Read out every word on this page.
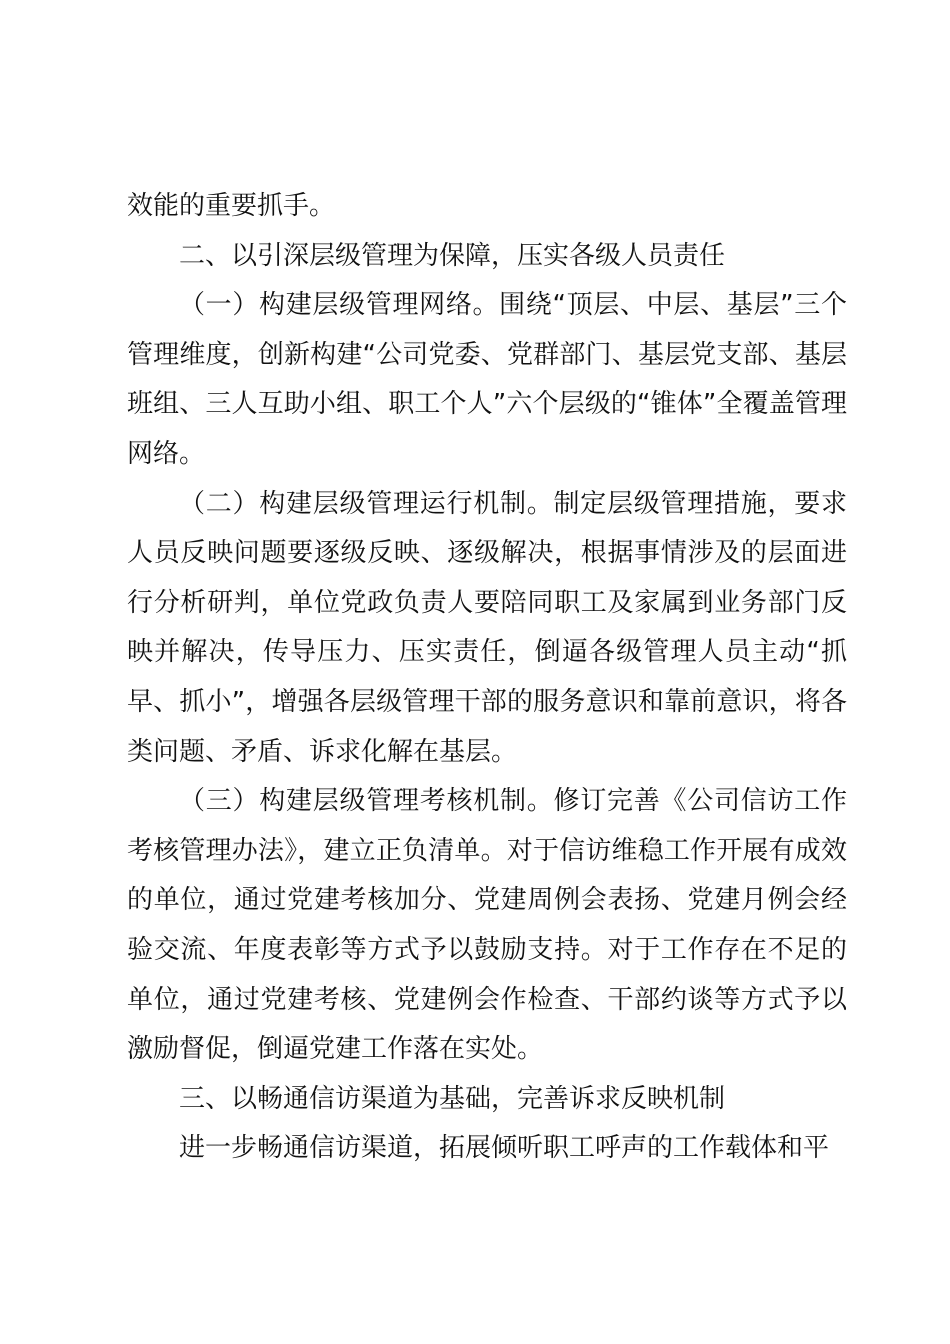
效能的重要抓手。

二、以引深层级管理为保障，压实各级人员责任

（一）构建层级管理网络。围绕“顶层、中层、基层”三个管理维度，创新构建“公司党委、党群部门、基层党支部、基层班组、三人互助小组、职工个人”六个层级的“锥体”全覆盖管理网络。

（二）构建层级管理运行机制。制定层级管理措施，要求人员反映问题要逐级反映、逐级解决，根据事情涉及的层面进行分析研判，单位党政负责人要陪同职工及家属到业务部门反映并解决，传导压力、压实责任，倒逼各级管理人员主动“抓早、抓小”，增强各层级管理干部的服务意识和靠前意识，将各类问题、矛盾、诉求化解在基层。

（三）构建层级管理考核机制。修订完善《公司信访工作考核管理办法》，建立正负清单。对于信访维稳工作开展有成效的单位，通过党建考核加分、党建周例会表扬、党建月例会经验交流、年度表彰等方式予以鼓励支持。对于工作存在不足的单位，通过党建考核、党建例会作检查、干部约谈等方式予以激励督促，倒逼党建工作落在实处。

三、以畅通信访渠道为基础，完善诉求反映机制

进一步畅通信访渠道，拓展倾听职工呼声的工作载体和平
